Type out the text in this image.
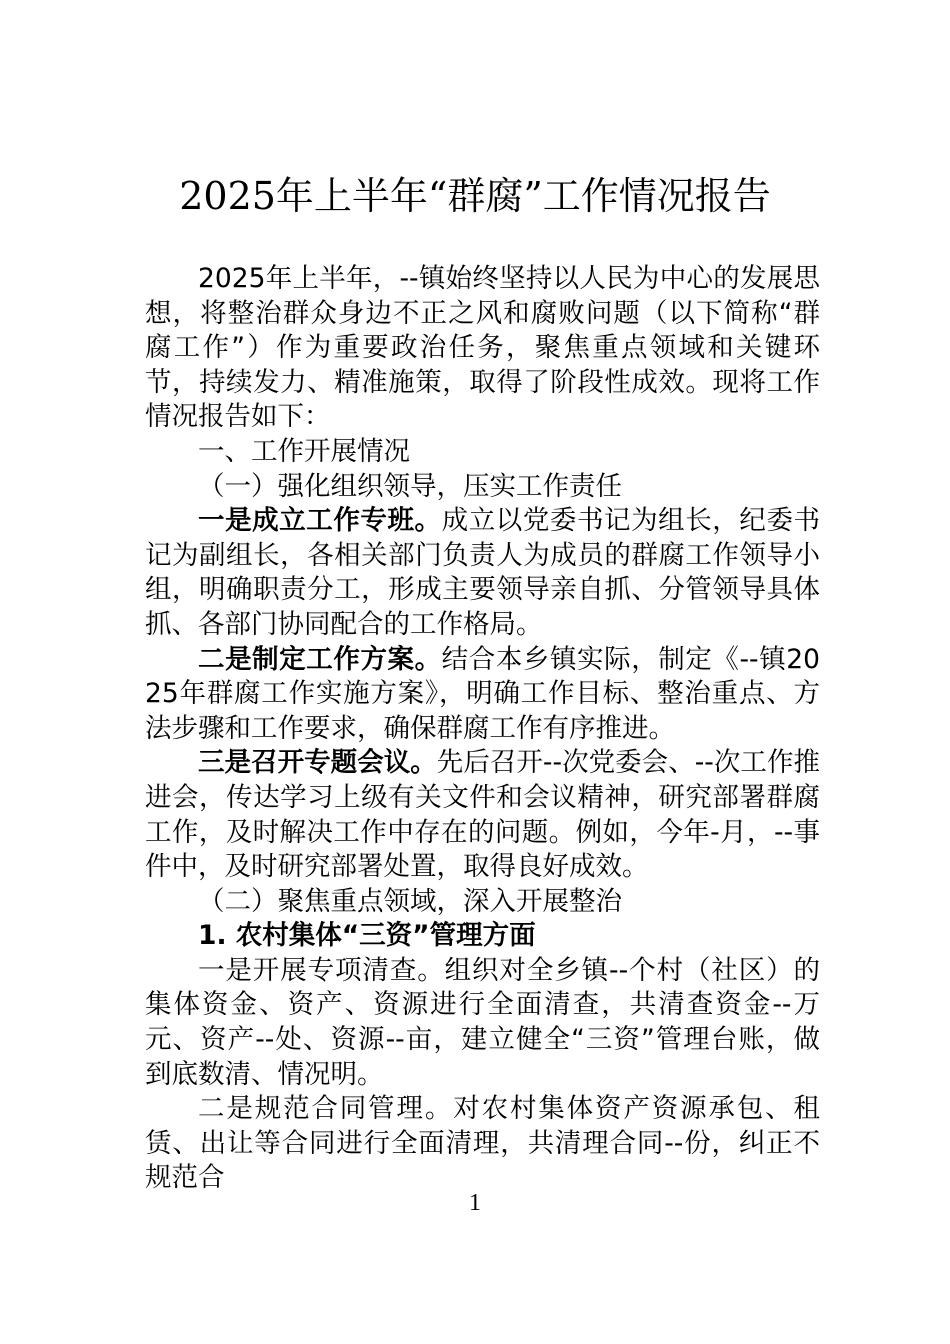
2025年上半年“群腐”工作情况报告

2025年上半年，--镇始终坚持以人民为中心的发展思想，将整治群众身边不正之风和腐败问题（以下简称“群腐工作”）作为重要政治任务，聚焦重点领域和关键环节，持续发力、精准施策，取得了阶段性成效。现将工作情况报告如下：

一、工作开展情况

（一）强化组织领导，压实工作责任

一是成立工作专班。成立以党委书记为组长，纪委书记为副组长，各相关部门负责人为成员的群腐工作领导小组，明确职责分工，形成主要领导亲自抓、分管领导具体抓、各部门协同配合的工作格局。

二是制定工作方案。结合本乡镇实际，制定《--镇2025年群腐工作实施方案》，明确工作目标、整治重点、方法步骤和工作要求，确保群腐工作有序推进。

三是召开专题会议。先后召开--次党委会、--次工作推进会，传达学习上级有关文件和会议精神，研究部署群腐工作，及时解决工作中存在的问题。例如，今年-月，--事件中，及时研究部署处置，取得良好成效。

（二）聚焦重点领域，深入开展整治

1. 农村集体“三资”管理方面

一是开展专项清查。组织对全乡镇--个村（社区）的集体资金、资产、资源进行全面清查，共清查资金--万元、资产--处、资源--亩，建立健全“三资”管理台账，做到底数清、情况明。

二是规范合同管理。对农村集体资产资源承包、租赁、出让等合同进行全面清理，共清理合同--份，纠正不规范合

1
